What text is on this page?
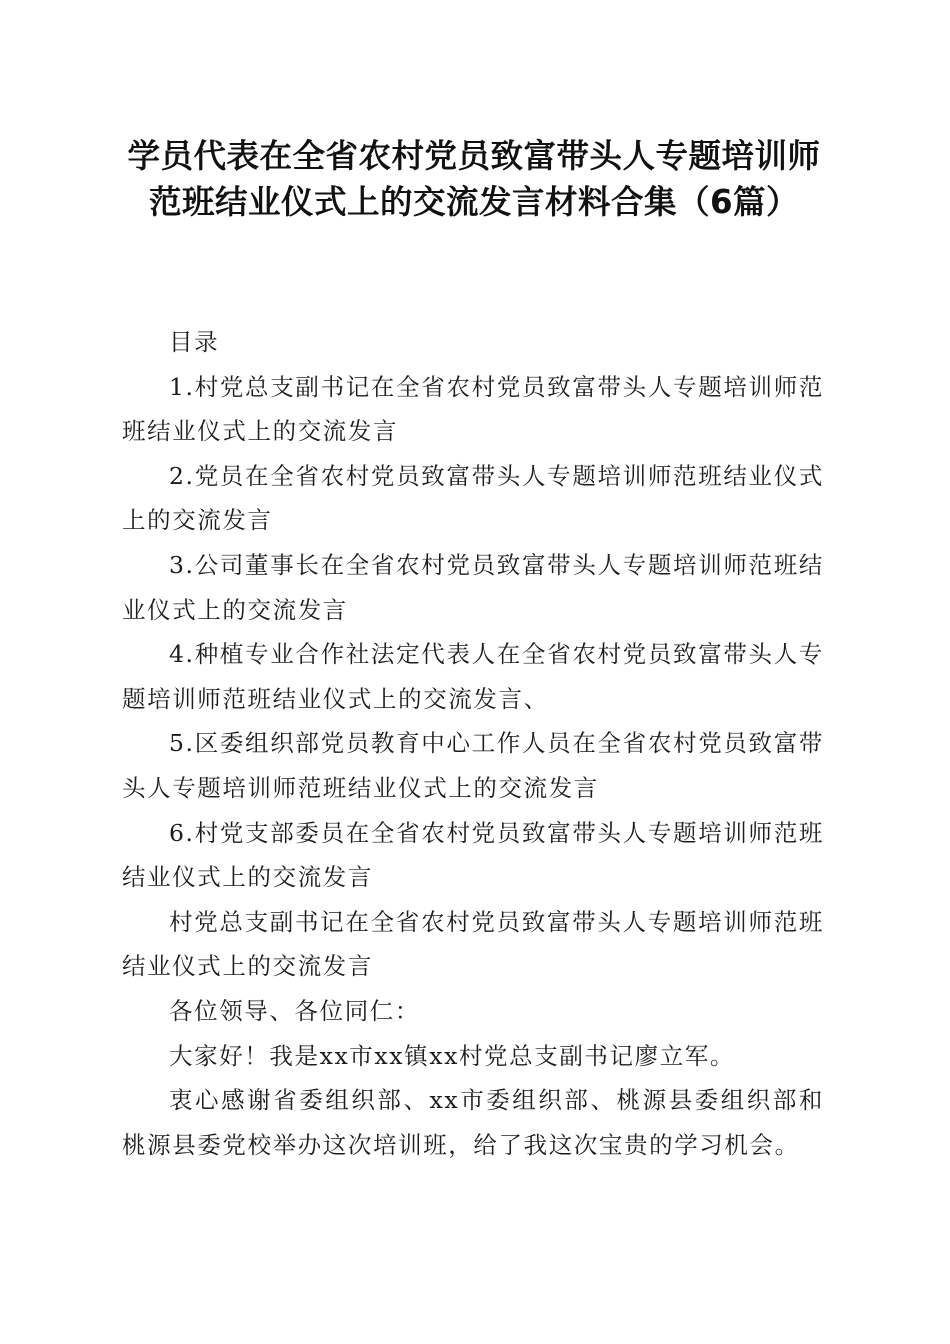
学员代表在全省农村党员致富带头人专题培训师范班结业仪式上的交流发言材料合集（6篇）

目录

1.村党总支副书记在全省农村党员致富带头人专题培训师范班结业仪式上的交流发言

2.党员在全省农村党员致富带头人专题培训师范班结业仪式上的交流发言

3.公司董事长在全省农村党员致富带头人专题培训师范班结业仪式上的交流发言

4.种植专业合作社法定代表人在全省农村党员致富带头人专题培训师范班结业仪式上的交流发言、

5.区委组织部党员教育中心工作人员在全省农村党员致富带头人专题培训师范班结业仪式上的交流发言

6.村党支部委员在全省农村党员致富带头人专题培训师范班结业仪式上的交流发言

村党总支副书记在全省农村党员致富带头人专题培训师范班结业仪式上的交流发言

各位领导、各位同仁：

大家好！我是xx市xx镇xx村党总支副书记廖立军。

衷心感谢省委组织部、xx市委组织部、桃源县委组织部和桃源县委党校举办这次培训班，给了我这次宝贵的学习机会。
